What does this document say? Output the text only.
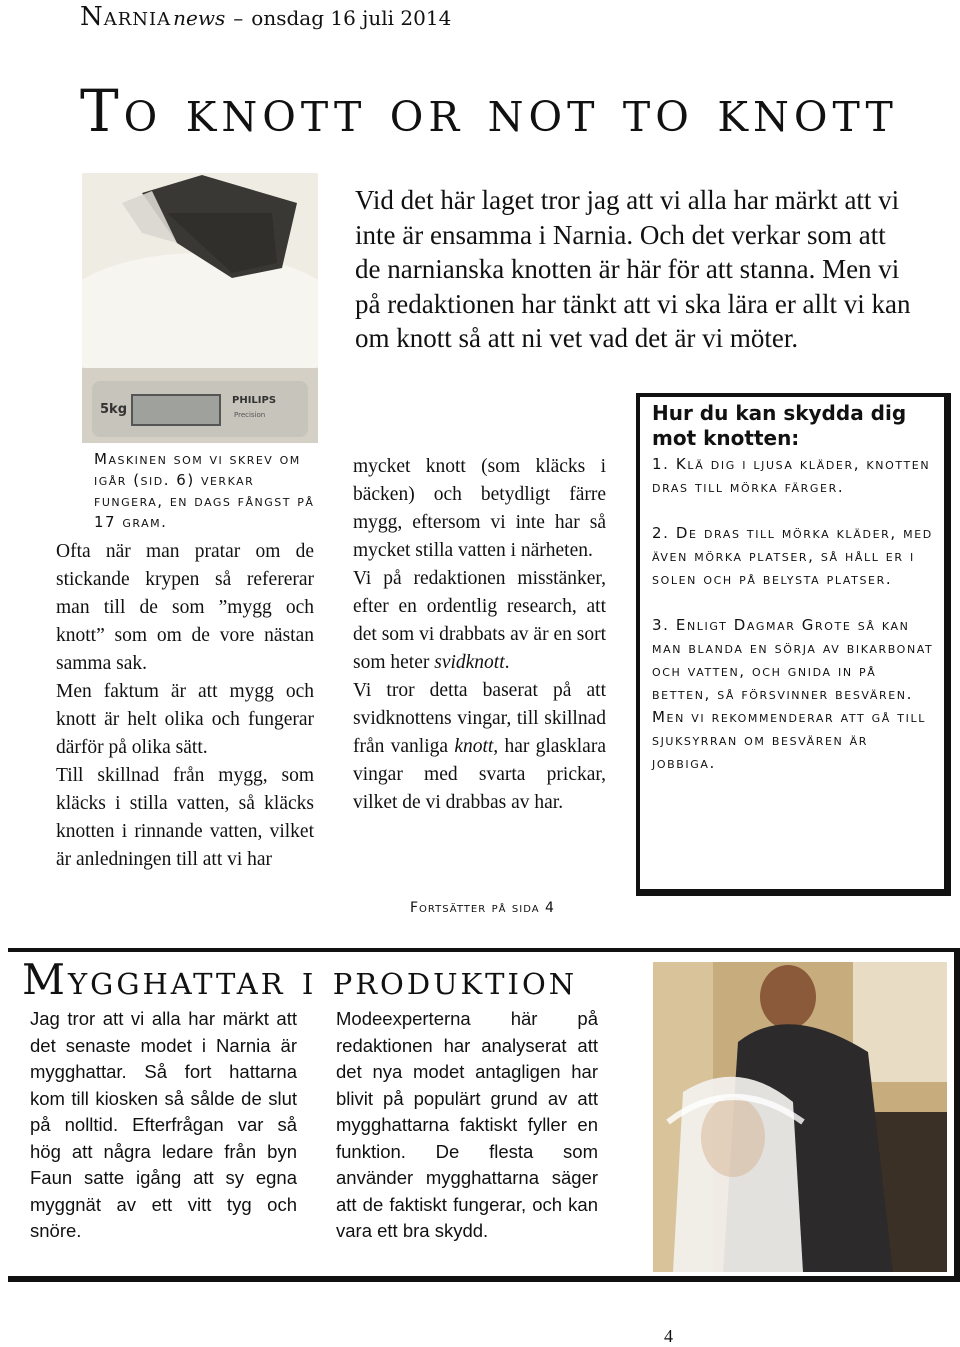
Narnia news – onsdag 16 juli 2014
To knott or not to knott
5kg
PHILIPS
Precision
Maskinen som vi skrev om igår (sid. 6) verkar fungera, en dags fångst på 17 gram.
Vid det här laget tror jag att vi alla har märkt att vi inte är ensamma i Narnia. Och det verkar som att de narnianska knotten är här för att stanna. Men vi på redaktionen har tänkt att vi ska lära er allt vi kan om knott så att ni vet vad det är vi möter.

Ofta när man pratar om de stickande krypen så refererar man till de som ”mygg och knott” som om de vore nästan samma sak.

Men faktum är att mygg och knott är helt olika och fungerar därför på olika sätt.

Till skillnad från mygg, som kläcks i stilla vatten, så kläcks knotten i rinnande vatten, vilket är anledningen till att vi har

mycket knott (som kläcks i bäcken) och betydligt färre mygg, eftersom vi inte har så mycket stilla vatten i närheten.

Vi på redaktionen misstänker, efter en ordentlig research, att det som vi drabbats av är en sort som heter svidknott.

Vi tror detta baserat på att svidknottens vingar, till skillnad från vanliga knott, har glasklara vingar med svarta prickar, vilket de vi drabbas av har.

Fortsätter på sida 4
Hur du kan skydda dig mot knotten:
1. Klä dig i ljusa kläder, knotten dras till mörka färger.
2. De dras till mörka kläder, med även mörka platser, så håll er i solen och på belysta platser.
3. Enligt Dagmar Grote så kan man blanda en sörja av bikarbonat och vatten, och gnida in på betten, så försvinner besvären. Men vi rekommenderar att gå till sjuksyrran om besvären är jobbiga.
Mygghattar i produktion

Jag tror att vi alla har märkt att det senaste modet i Narnia är mygghattar. Så fort hattarna kom till kiosken så sålde de slut på nolltid. Efterfrågan var så hög att några ledare från byn Faun satte igång att sy egna myggnät av ett vitt tyg och snöre.

Modeexperterna här på redaktionen har analyserat att det nya modet antagligen har blivit på populärt grund av att mygghattarna faktiskt fyller en funktion. De flesta som använder mygghattarna säger att de faktiskt fungerar, och kan vara ett bra skydd.

4
